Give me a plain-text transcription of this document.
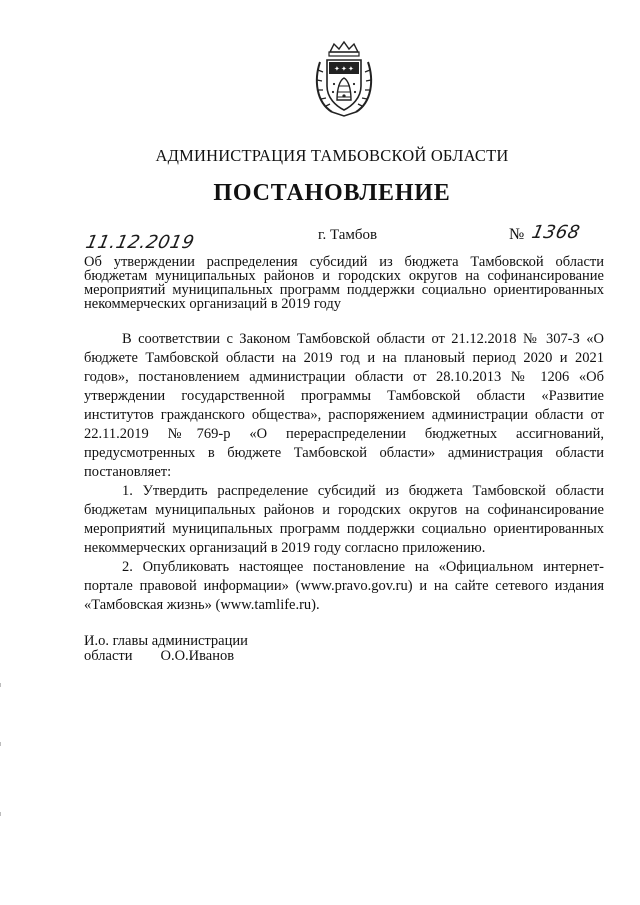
✦ ✦ ✦
АДМИНИСТРАЦИЯ ТАМБОВСКОЙ ОБЛАСТИ
ПОСТАНОВЛЕНИЕ
11.12.2019	г. Тамбов	№ 1368
Об утверждении распределения субсидий из бюджета Тамбовской области бюджетам муниципальных районов и городских округов на софинансирование мероприятий муниципальных программ поддержки социально ориентированных некоммерческих организаций в 2019 году

В соответствии с Законом Тамбовской области от 21.12.2018 № 307-З «О бюджете Тамбовской области на 2019 год и на плановый период 2020 и 2021 годов», постановлением администрации области от 28.10.2013 № 1206 «Об утверждении государственной программы Тамбовской области «Развитие институтов гражданского общества», распоряжением администрации области от 22.11.2019 №769-р «О перераспределении бюджетных ассигнований, предусмотренных в бюджете Тамбовской области» администрация области постановляет:

1. Утвердить распределение субсидий из бюджета Тамбовской области бюджетам муниципальных районов и городских округов на софинансирование мероприятий муниципальных программ поддержки социально ориентированных некоммерческих организаций в 2019 году согласно приложению.

2. Опубликовать настоящее постановление на «Официальном интернет-портале правовой информации» (www.pravo.gov.ru) и на сайте сетевого издания «Тамбовская жизнь» (www.tamlife.ru).

И.о. главы администрации
области О.О.Иванов
